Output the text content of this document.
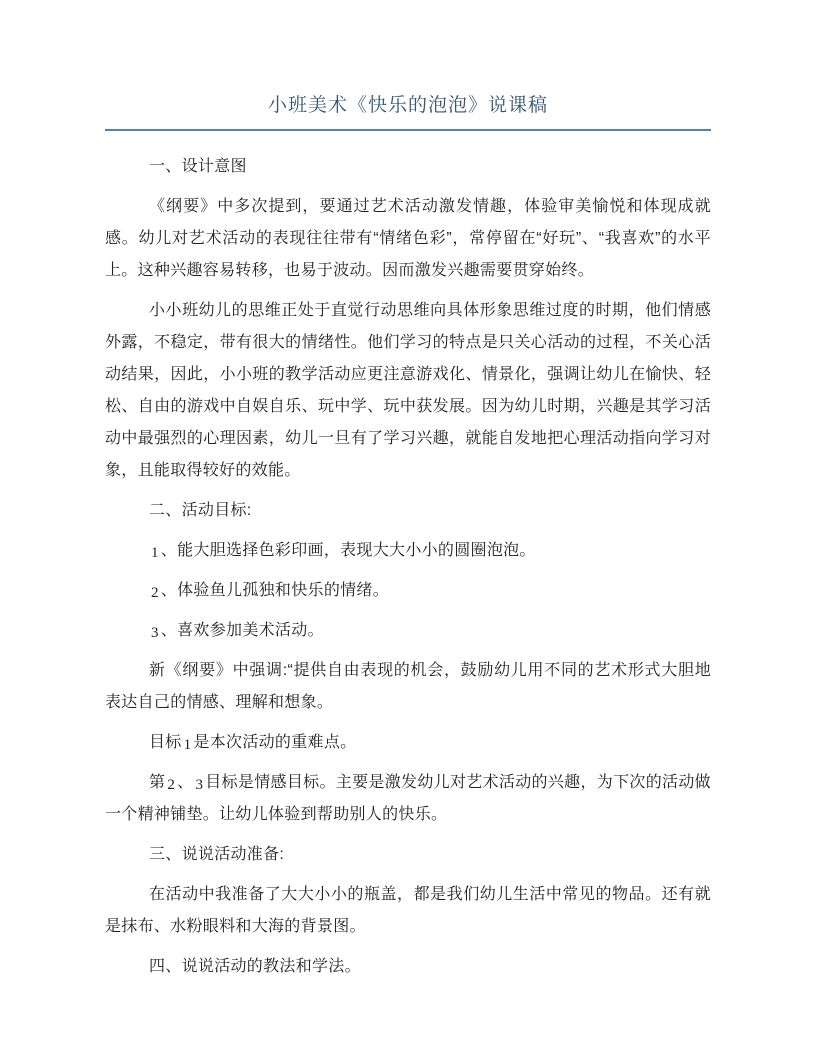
小班美术《快乐的泡泡》说课稿

一、设计意图

《纲要》中多次提到，要通过艺术活动激发情趣，体验审美愉悦和体现成就感。幼儿对艺术活动的表现往往带有“情绪色彩”，常停留在“好玩”、“我喜欢”的水平上。这种兴趣容易转移，也易于波动。因而激发兴趣需要贯穿始终。

小小班幼儿的思维正处于直觉行动思维向具体形象思维过度的时期，他们情感外露，不稳定，带有很大的情绪性。他们学习的特点是只关心活动的过程，不关心活动结果，因此，小小班的教学活动应更注意游戏化、情景化，强调让幼儿在愉快、轻松、自由的游戏中自娱自乐、玩中学、玩中获发展。因为幼儿时期，兴趣是其学习活动中最强烈的心理因素，幼儿一旦有了学习兴趣，就能自发地把心理活动指向学习对象，且能取得较好的效能。

二、活动目标:

1 、能大胆选择色彩印画，表现大大小小的圆圈泡泡。

2 、体验鱼儿孤独和快乐的情绪。

3 、喜欢参加美术活动。

新《纲要》中强调:“提供自由表现的机会，鼓励幼儿用不同的艺术形式大胆地表达自己的情感、理解和想象。

目标 1 是本次活动的重难点。

第 2 、 3 目标是情感目标。主要是激发幼儿对艺术活动的兴趣，为下次的活动做一个精神铺垫。让幼儿体验到帮助别人的快乐。

三、说说活动准备:

在活动中我准备了大大小小的瓶盖，都是我们幼儿生活中常见的物品。还有就是抹布、水粉眼料和大海的背景图。

四、说说活动的教法和学法。
